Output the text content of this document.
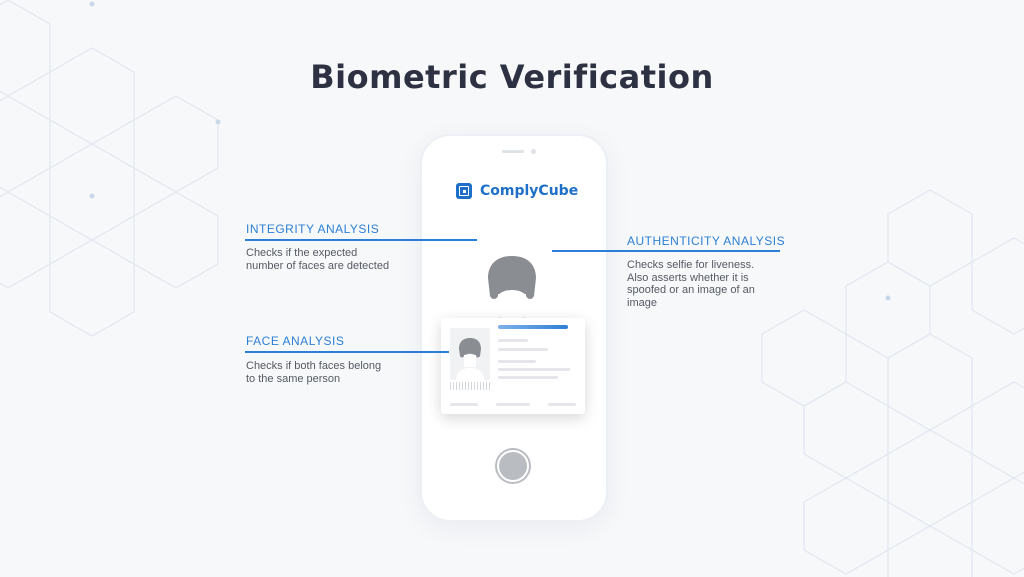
Biometric Verification
ComplyCube
INTEGRITY ANALYSIS
Checks if the expected
number of faces are detected
AUTHENTICITY ANALYSIS
Checks selfie for liveness.
Also asserts whether it is
spoofed or an image of an
image
FACE ANALYSIS
Checks if both faces belong
to the same person
